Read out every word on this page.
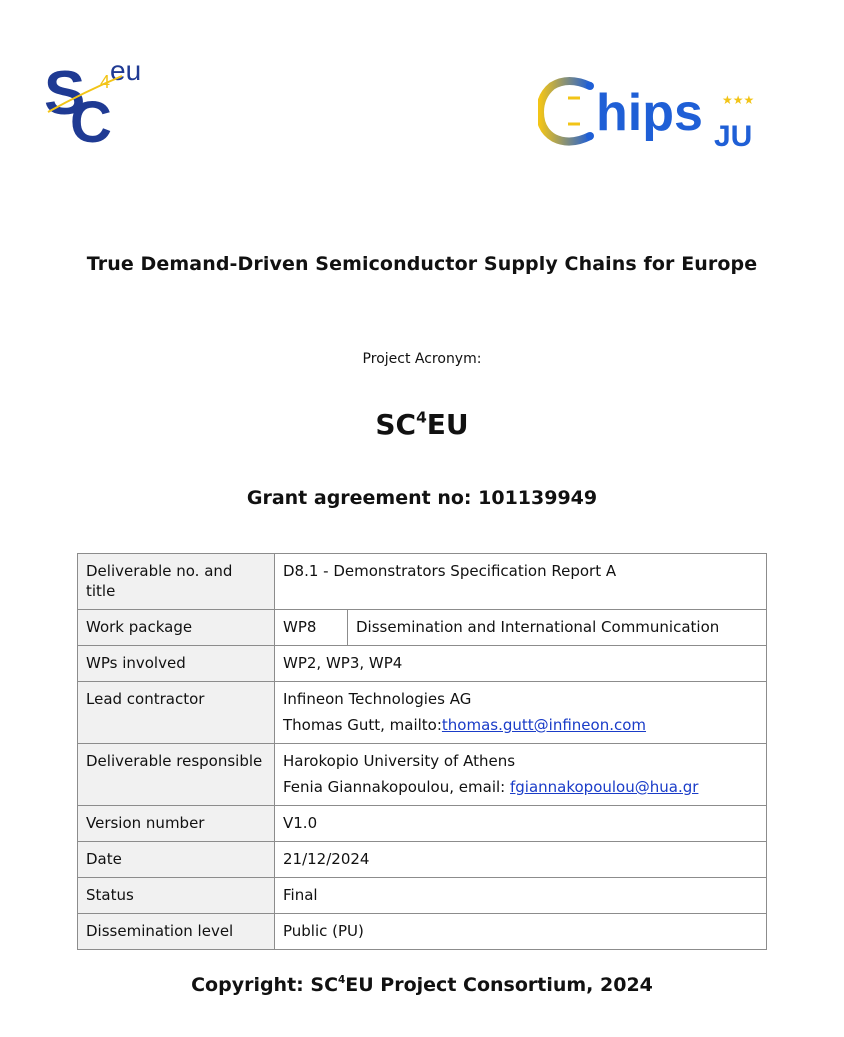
S
C
4 eu
hips JU
★★★
True Demand-Driven Semiconductor Supply Chains for Europe
Project Acronym:
$SC^4EU$
Grant agreement no: 101139949
Deliverable no. and title	D8.1 - Demonstrators Specification Report A	
Work package	WP8	Dissemination and International Communication
WPs involved	WP2, WP3, WP4	
Lead contractor	Infineon Technologies AG
Thomas Gutt, mailto:thomas.gutt@infineon.com	

Deliverable responsible	Harokopio University of Athens
Fenia Giannakopoulou, email: fgiannakopoulou@hua.gr	

Version number	V1.0	
Date	21/12/2024	
Status	Final	
Dissemination level	Public (PU)	
Copyright: $SC^4EU$ Project Consortium, 2024
